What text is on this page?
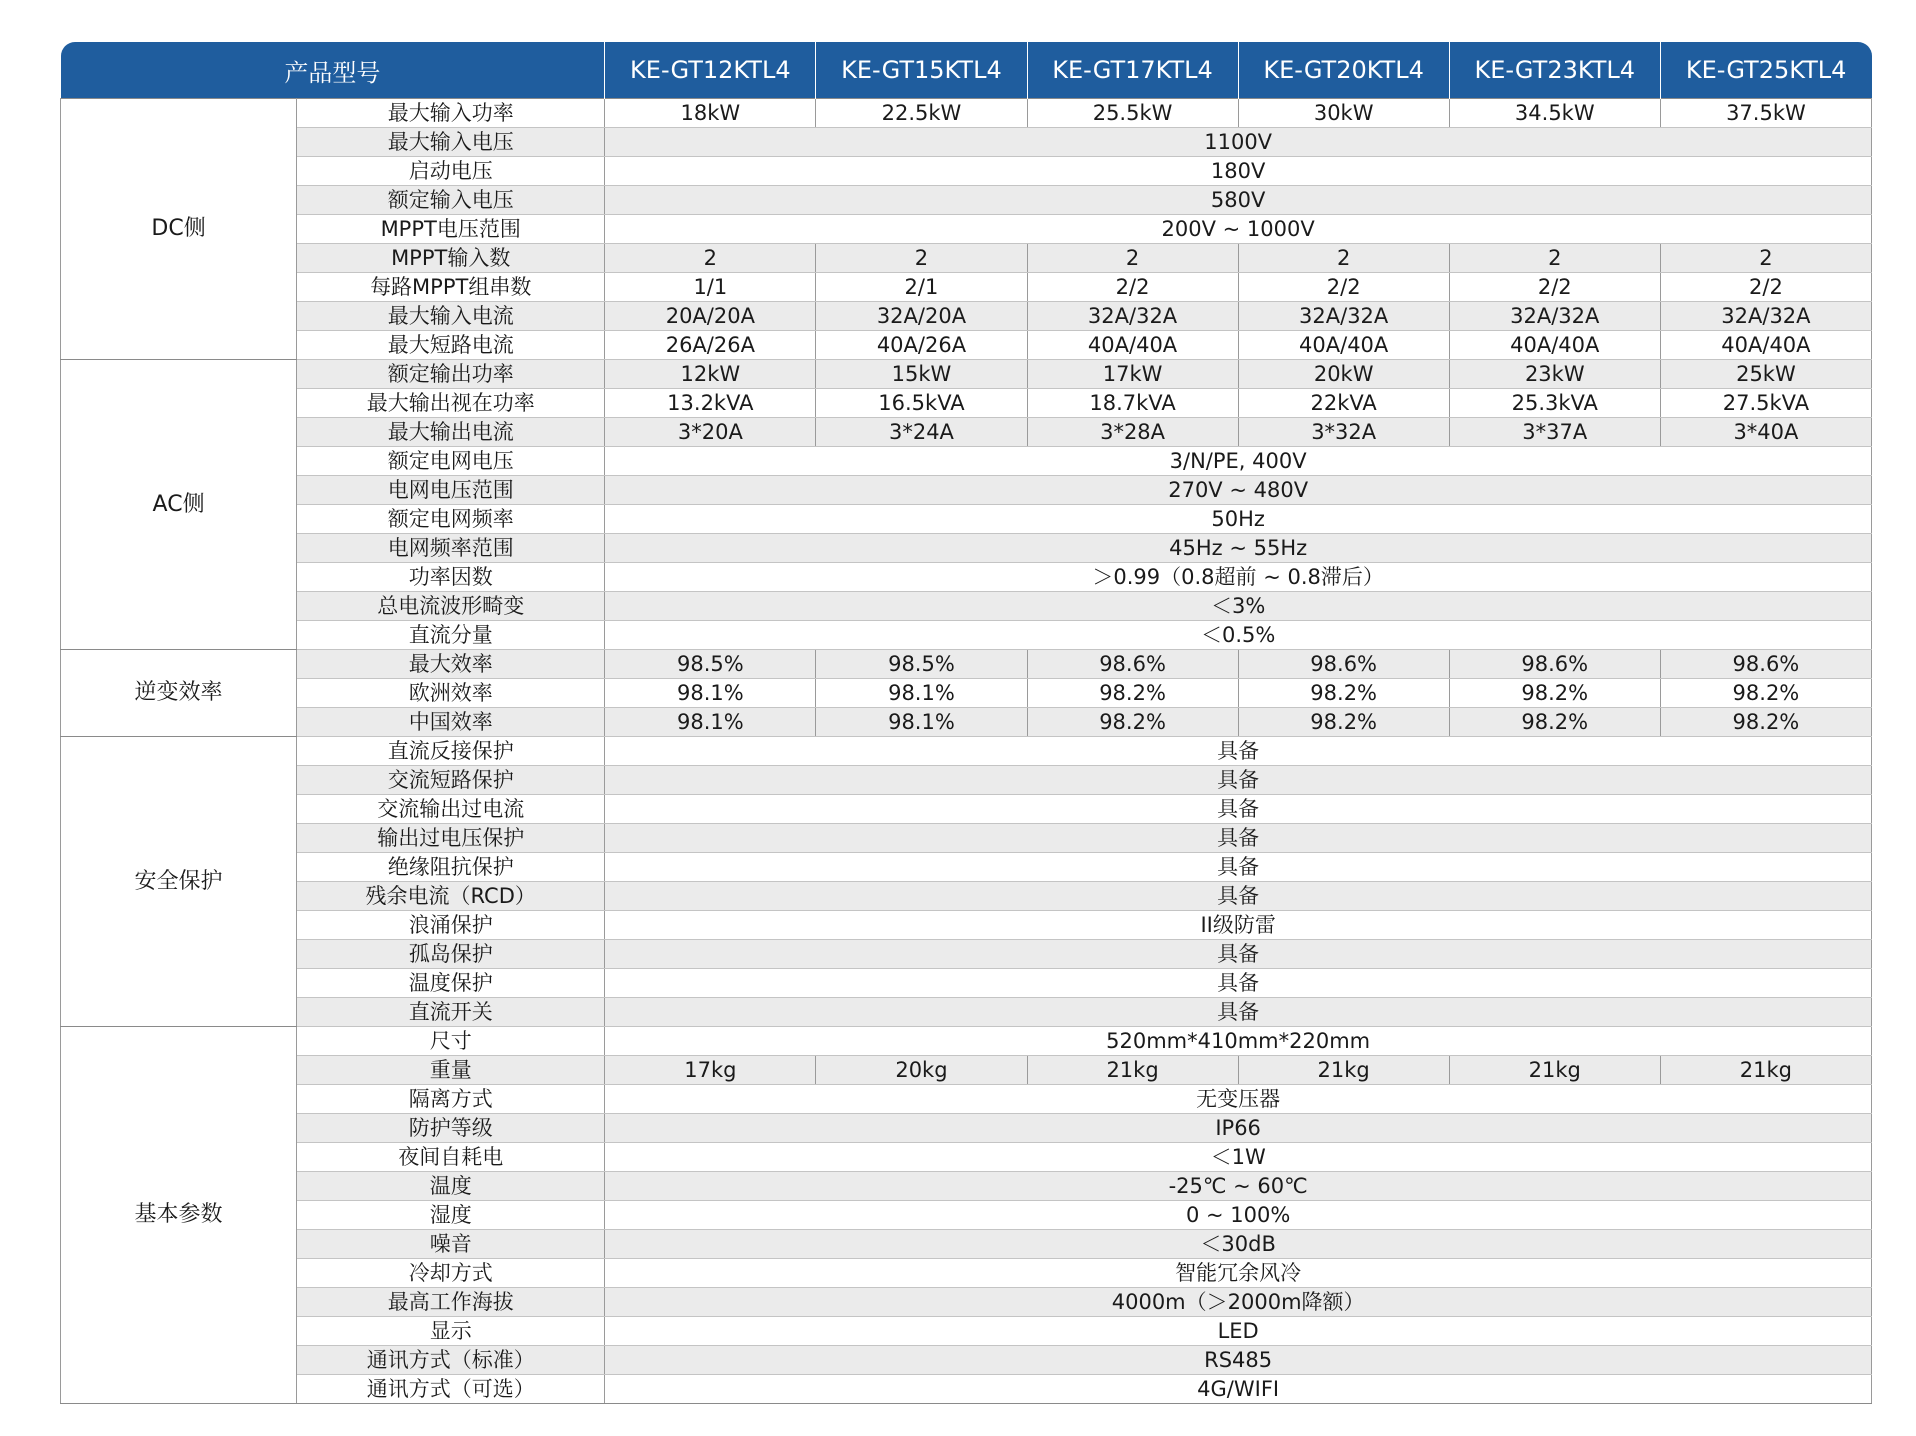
产品型号		KE-GT12KTL4	KE-GT15KTL4	KE-GT17KTL4	KE-GT20KTL4	KE-GT23KTL4	KE-GT25KTL4
DC侧	最大输入功率	18kW	22.5kW	25.5kW	30kW	34.5kW	37.5kW
	最大输入电压	1100V					
	启动电压	180V					
	额定输入电压	580V					
	MPPT电压范围	200V ~ 1000V					
	MPPT输入数	2	2	2	2	2	2
	每路MPPT组串数	1/1	2/1	2/2	2/2	2/2	2/2
	最大输入电流	20A/20A	32A/20A	32A/32A	32A/32A	32A/32A	32A/32A
	最大短路电流	26A/26A	40A/26A	40A/40A	40A/40A	40A/40A	40A/40A
AC侧	额定输出功率	12kW	15kW	17kW	20kW	23kW	25kW
	最大输出视在功率	13.2kVA	16.5kVA	18.7kVA	22kVA	25.3kVA	27.5kVA
	最大输出电流	3*20A	3*24A	3*28A	3*32A	3*37A	3*40A
	额定电网电压	3/N/PE, 400V					
	电网电压范围	270V ~ 480V					
	额定电网频率	50Hz					
	电网频率范围	45Hz ~ 55Hz					
	功率因数	＞0.99（0.8超前 ~ 0.8滞后）					
	总电流波形畸变	＜3%					
	直流分量	＜0.5%					
逆变效率	最大效率	98.5%	98.5%	98.6%	98.6%	98.6%	98.6%
	欧洲效率	98.1%	98.1%	98.2%	98.2%	98.2%	98.2%
	中国效率	98.1%	98.1%	98.2%	98.2%	98.2%	98.2%
安全保护	直流反接保护	具备					
	交流短路保护	具备					
	交流输出过电流	具备					
	输出过电压保护	具备					
	绝缘阻抗保护	具备					
	残余电流（RCD）	具备					
	浪涌保护	II级防雷					
	孤岛保护	具备					
	温度保护	具备					
	直流开关	具备					
基本参数	尺寸	520mm*410mm*220mm					
	重量	17kg	20kg	21kg	21kg	21kg	21kg
	隔离方式	无变压器					
	防护等级	IP66					
	夜间自耗电	＜1W					
	温度	-25℃ ~ 60℃					
	湿度	0 ~ 100%					
	噪音	＜30dB					
	冷却方式	智能冗余风冷					
	最高工作海拔	4000m（＞2000m降额）					
	显示	LED					
	通讯方式（标准）	RS485					
	通讯方式（可选）	4G/WIFI					
